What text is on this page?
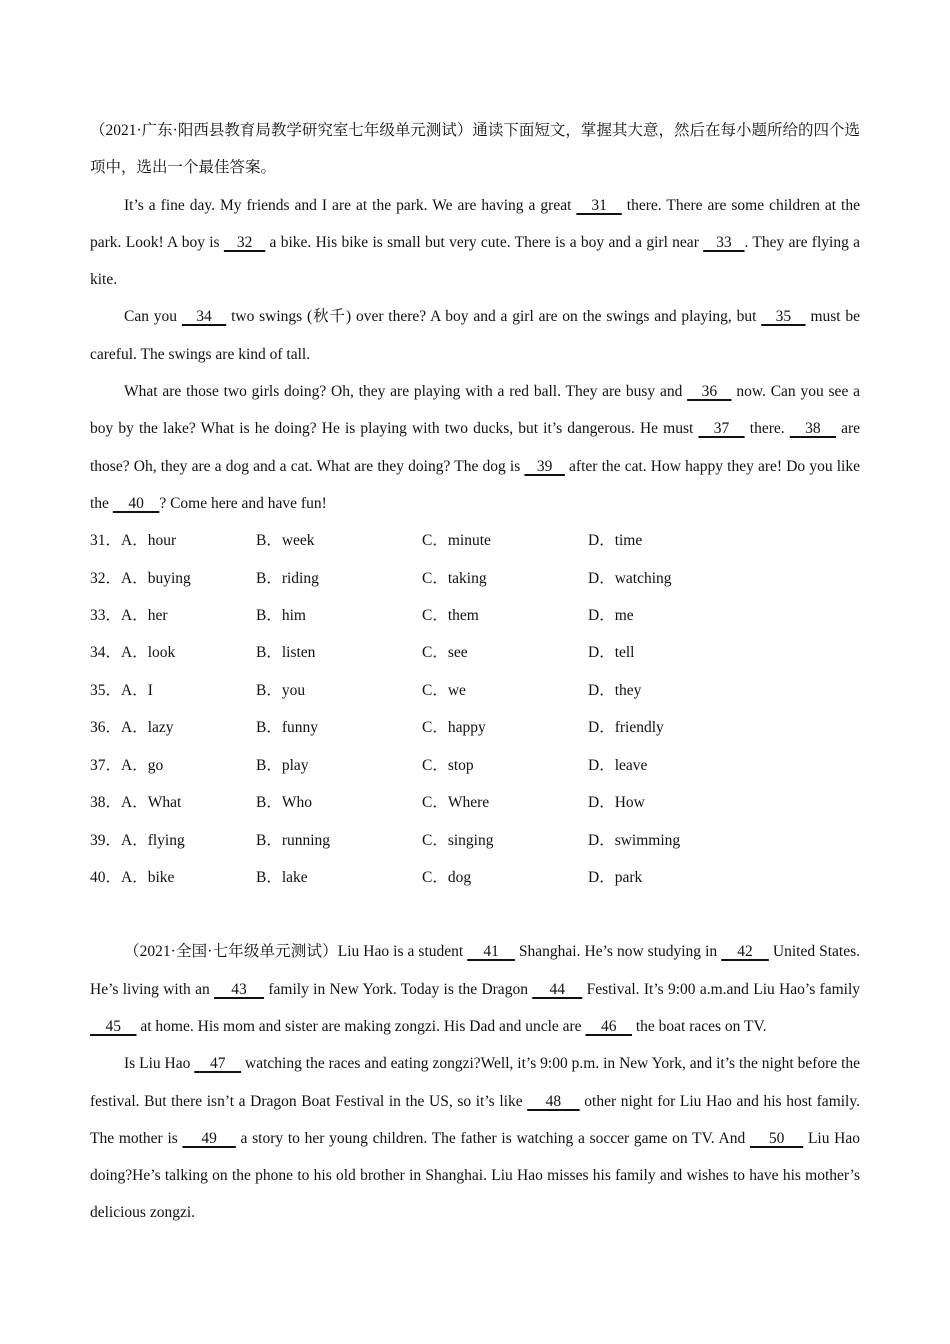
（2021·广东·阳西县教育局教学研究室七年级单元测试）通读下面短文，掌握其大意，然后在每小题所给的四个选项中，选出一个最佳答案。

It’s a fine day. My friends and I are at the park. We are having a great    31    there. There are some children at the park. Look! A boy is    32    a bike. His bike is small but very cute. There is a boy and a girl near    33   . They are flying a kite.

Can you    34    two swings (秋千) over there? A boy and a girl are on the swings and playing, but    35    must be careful. The swings are kind of tall.

What are those two girls doing? Oh, they are playing with a red ball. They are busy and    36    now. Can you see a boy by the lake? What is he doing? He is playing with two ducks, but it’s dangerous. He must    37    there.    38    are those? Oh, they are a dog and a cat. What are they doing? The dog is    39    after the cat. How happy they are! Do you like the     40    ? Come here and have fun!

31．A．hour	B．week	C．minute	D．time
32．A．buying	B．riding	C．taking	D．watching
33．A．her	B．him	C．them	D．me
34．A．look	B．listen	C．see	D．tell
35．A．I	B．you	C．we	D．they
36．A．lazy	B．funny	C．happy	D．friendly
37．A．go	B．play	C．stop	D．leave
38．A．What	B．Who	C．Where	D．How
39．A．flying	B．running	C．singing	D．swimming
40．A．bike	B．lake	C．dog	D．park

（2021·全国·七年级单元测试）Liu Hao is a student     41     Shanghai. He’s now studying in     42     United States. He’s living with an     43     family in New York. Today is the Dragon     44     Festival. It’s 9:00 a.m.and Liu Hao’s family     45     at home. His mom and sister are making zongzi. His Dad and uncle are     46     the boat races on TV.

Is Liu Hao     47     watching the races and eating zongzi?Well, it’s 9:00 p.m. in New York, and it’s the night before the festival. But there isn’t a Dragon Boat Festival in the US, so it’s like     48     other night for Liu Hao and his host family. The mother is     49     a story to her young children. The father is watching a soccer game on TV. And     50     Liu Hao doing?He’s talking on the phone to his old brother in Shanghai. Liu Hao misses his family and wishes to have his mother’s delicious zongzi.
